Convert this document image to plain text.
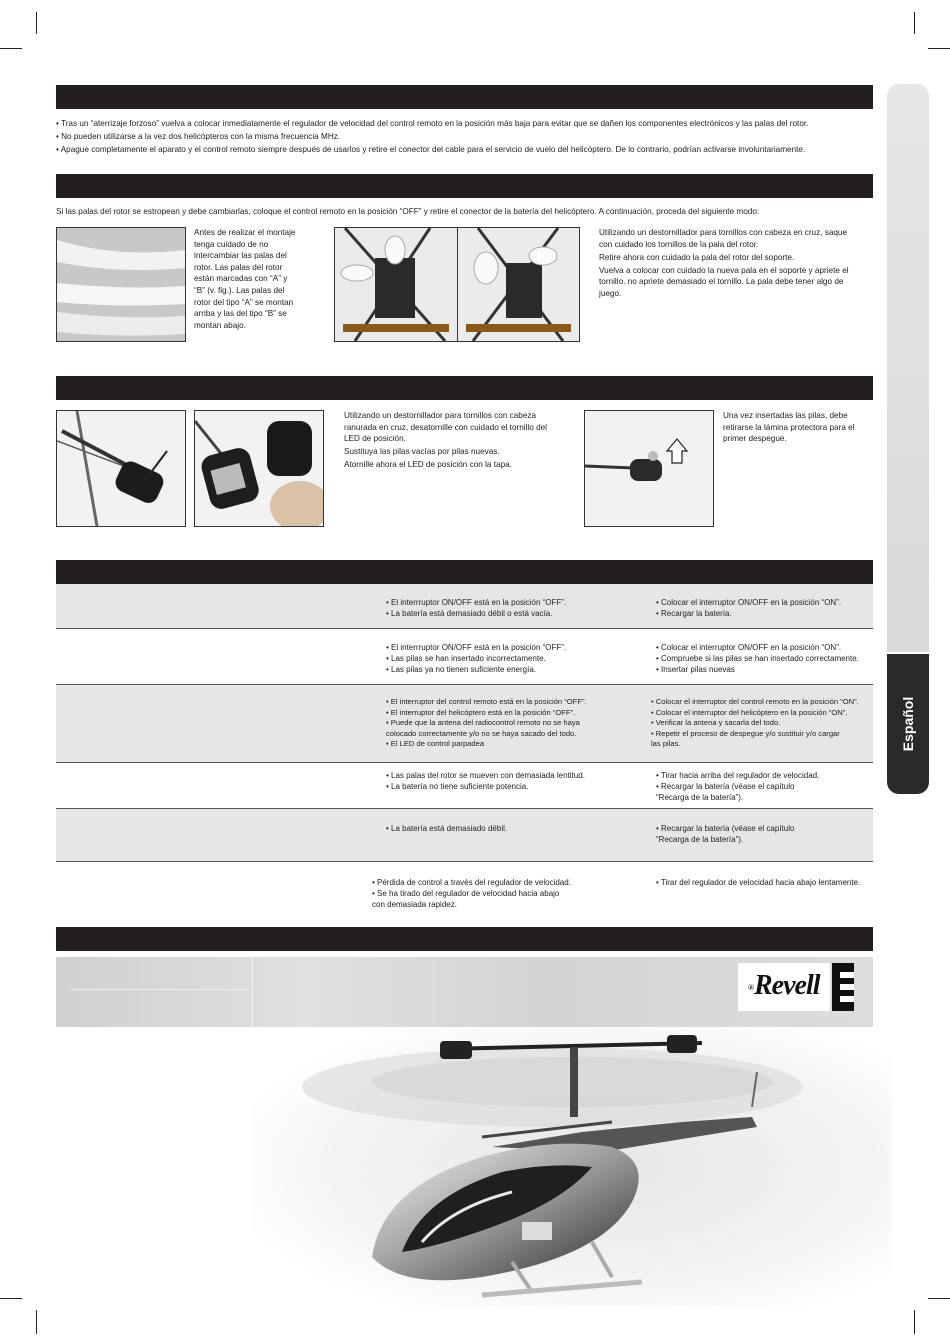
Español

• Tras un “aterrizaje forzoso” vuelva a colocar inmediatamente el regulador de velocidad del control remoto en la posición más baja para evitar que se dañen los componentes electrónicos y las palas del rotor.

• No pueden utilizarse a la vez dos helicópteros con la misma frecuencia MHz.

• Apague completamente el aparato y el control remoto siempre después de usarlos y retire el conector del cable para el servicio de vuelo del helicóptero. De lo contrario, podrían activarse involuntariamente.

Si las palas del rotor se estropean y debe cambiarlas, coloque el control remoto en la posición “OFF” y retire el conector de la batería del helicóptero. A continuación, proceda del siguiente modo:
Antes de realizar el montaje
tenga cuidado de no
intercambiar las palas del
rotor. Las palas del rotor
están marcadas con “A” y
“B” (v. fig.). Las palas del
rotor del tipo “A” se montan
arriba y las del tipo “B” se
montan abajo.

Utilizando un destornillador para tornillos con cabeza en cruz, saque con cuidado los tornillos de la pala del rotor.

Retire ahora con cuidado la pala del rotor del soporte.

Vuelva a colocar con cuidado la nueva pala en el soporte y apriete el tornillo. no apriete demasiado el tornillo. La pala debe tener algo de juego.

Utilizando un destornillador para tornillos con cabeza ranurada en cruz, desatornille con cuidado el tornillo del LED de posición.

Sustituya las pilas vacías por pilas nuevas.

Atornille ahora el LED de posición con la tapa.

Una vez insertadas las pilas, debe retirarse la lámina protectora para el primer despegue.
• El interrruptor ON/OFF está en la posición “OFF”.
• La batería está demasiado débil o está vacía.
• Colocar el interruptor ON/OFF en la posición “ON”.
• Recargar la batería.
• El interrruptor ON/OFF está en la posición “OFF”.
• Las pilas se han insertado incorrectamente.
• Las pilas ya no tienen suficiente energía.
• Colocar el interruptor ON/OFF en la posición “ON”.
• Compruebe si las pilas se han insertado correctamente.
• Insertar pilas nuevas
• El interruptor del control remoto está en la posición “OFF”.
• El interruptor del helicóptero está en la posición “OFF”.
• Puede que la antena del radiocontrol remoto no se haya
colocado correctamente y/o no se haya sacado del todo.
• El LED de control parpadea
• Colocar el interruptor del control remoto en la posición “ON”.
• Colocar el interruptor del helicóptero en la posición “ON”.
• Verificar la antena y sacarla del todo.
• Repetir el proceso de despegue y/o sustituir y/o cargar
las pilas.
• Las palas del rotor se mueven con demasiada lentitud.
• La batería no tiene suficiente potencia.
• Tirar hacia arriba del regulador de velocidad.
• Recargar la batería (véase el capítulo
“Recarga de la batería”).
• La batería está demasiado débil.	• Recargar la batería (véase el capítulo
“Recarga de la batería”).
• Pérdida de control a través del regulador de velocidad.
• Se ha tirado del regulador de velocidad hacia abajo
con demasiada rapidez.
• Tirar del regulador de velocidad hacia abajo lentamente.
®Revell
